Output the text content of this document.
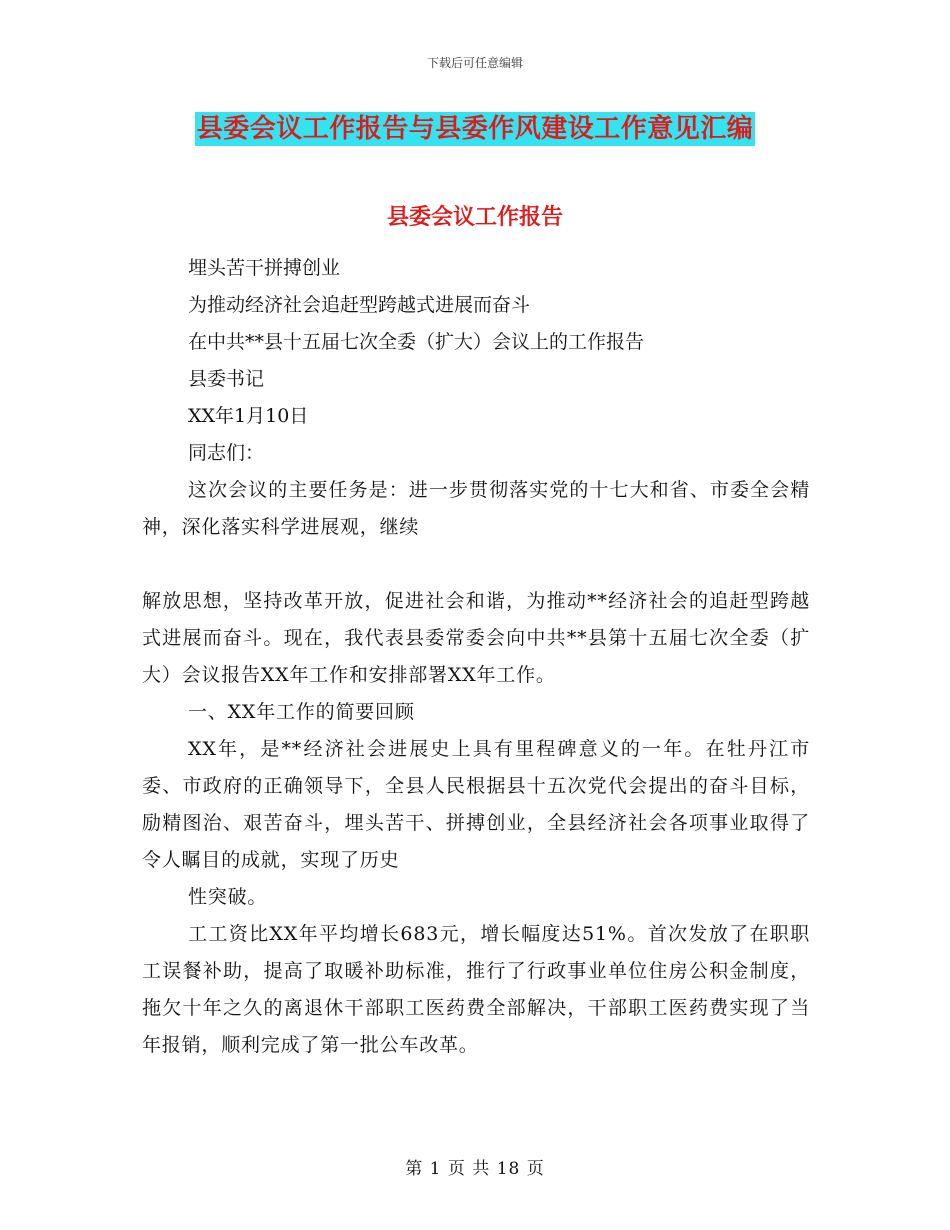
下载后可任意编辑
县委会议工作报告与县委作风建设工作意见汇编
县委会议工作报告

埋头苦干拼搏创业

为推动经济社会追赶型跨越式进展而奋斗

在中共**县十五届七次全委（扩大）会议上的工作报告

县委书记

XX年1月10日

同志们：

这次会议的主要任务是：进一步贯彻落实党的十七大和省、市委全会精神，深化落实科学进展观，继续

解放思想，坚持改革开放，促进社会和谐，为推动**经济社会的追赶型跨越式进展而奋斗。现在，我代表县委常委会向中共**县第十五届七次全委（扩大）会议报告XX年工作和安排部署XX年工作。

一、XX年工作的简要回顾

XX年，是**经济社会进展史上具有里程碑意义的一年。在牡丹江市委、市政府的正确领导下，全县人民根据县十五次党代会提出的奋斗目标，励精图治、艰苦奋斗，埋头苦干、拼搏创业，全县经济社会各项事业取得了令人瞩目的成就，实现了历史

性突破。

工工资比XX年平均增长683元，增长幅度达51%。首次发放了在职职工误餐补助，提高了取暖补助标准，推行了行政事业单位住房公积金制度，拖欠十年之久的离退休干部职工医药费全部解决，干部职工医药费实现了当年报销，顺利完成了第一批公车改革。

第 1 页 共 18 页
